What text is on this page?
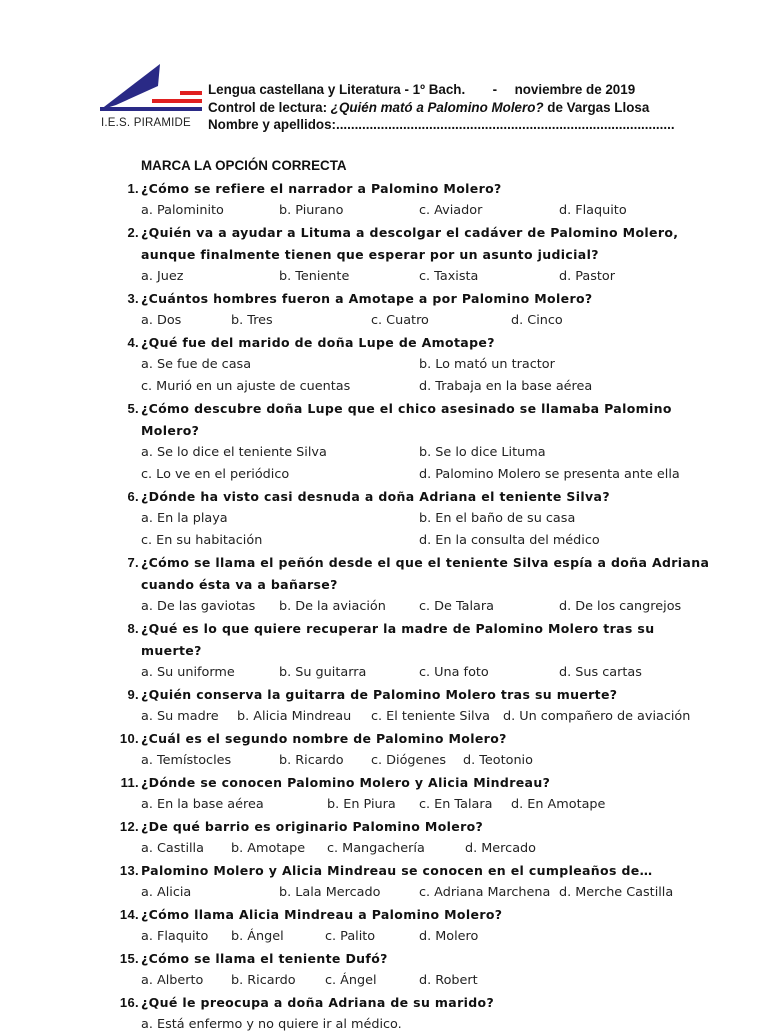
I.E.S. PIRAMIDE
Lengua castellana y Literatura - 1º Bach. - noviembre de 2019
Control de lectura: ¿Quién mató a Palomino Molero? de Vargas Llosa
Nombre y apellidos:...........................................................................................
MARCA LA OPCIÓN CORRECTA
1. ¿Cómo se refiere el narrador a Palomino Molero?
a. Palominito	b. Piurano	c. Aviador	d. Flaquito
2. ¿Quién va a ayudar a Lituma a descolgar el cadáver de Palomino Molero, aunque finalmente tienen que esperar por un asunto judicial?
a. Juez	b. Teniente	c. Taxista	d. Pastor
3. ¿Cuántos hombres fueron a Amotape a por Palomino Molero?
a. Dos	b. Tres	c. Cuatro	d. Cinco
4. ¿Qué fue del marido de doña Lupe de Amotape?
a. Se fue de casa	b. Lo mató un tractor
c. Murió en un ajuste de cuentas	d. Trabaja en la base aérea
5. ¿Cómo descubre doña Lupe que el chico asesinado se llamaba Palomino Molero?
a. Se lo dice el teniente Silva	b. Se lo dice Lituma
c. Lo ve en el periódico	d. Palomino Molero se presenta ante ella
6. ¿Dónde ha visto casi desnuda a doña Adriana el teniente Silva?
a. En la playa	b. En el baño de su casa
c. En su habitación	d. En la consulta del médico
7. ¿Cómo se llama el peñón desde el que el teniente Silva espía a doña Adriana cuando ésta va a bañarse?
a. De las gaviotas b. De la aviación	c. De Talara	d. De los cangrejos
8. ¿Qué es lo que quiere recuperar la madre de Palomino Molero tras su muerte?
a. Su uniforme	b. Su guitarra	c. Una foto	d. Sus cartas
9. ¿Quién conserva la guitarra de Palomino Molero tras su muerte?
a. Su madre b. Alicia Mindreau c. El teniente Silva d. Un compañero de aviación
10. ¿Cuál es el segundo nombre de Palomino Molero?
a. Temístocles	b. Ricardo c. Diógenes d. Teotonio
11. ¿Dónde se conocen Palomino Molero y Alicia Mindreau?
a. En la base aérea	b. En Piura c. En Talara d. En Amotape
12. ¿De qué barrio es originario Palomino Molero?
a. Castilla b. Amotape c. Mangachería	d. Mercado
13. Palomino Molero y Alicia Mindreau se conocen en el cumpleaños de…
a. Alicia	b. Lala Mercado	c. Adriana Marchena d. Merche Castilla
14. ¿Cómo llama Alicia Mindreau a Palomino Molero?
a. Flaquito b. Ángel	c. Palito	d. Molero
15. ¿Cómo se llama el teniente Dufó?
a. Alberto b. Ricardo c. Ángel	d. Robert
16. ¿Qué le preocupa a doña Adriana de su marido?
a. Está enfermo y no quiere ir al médico.
